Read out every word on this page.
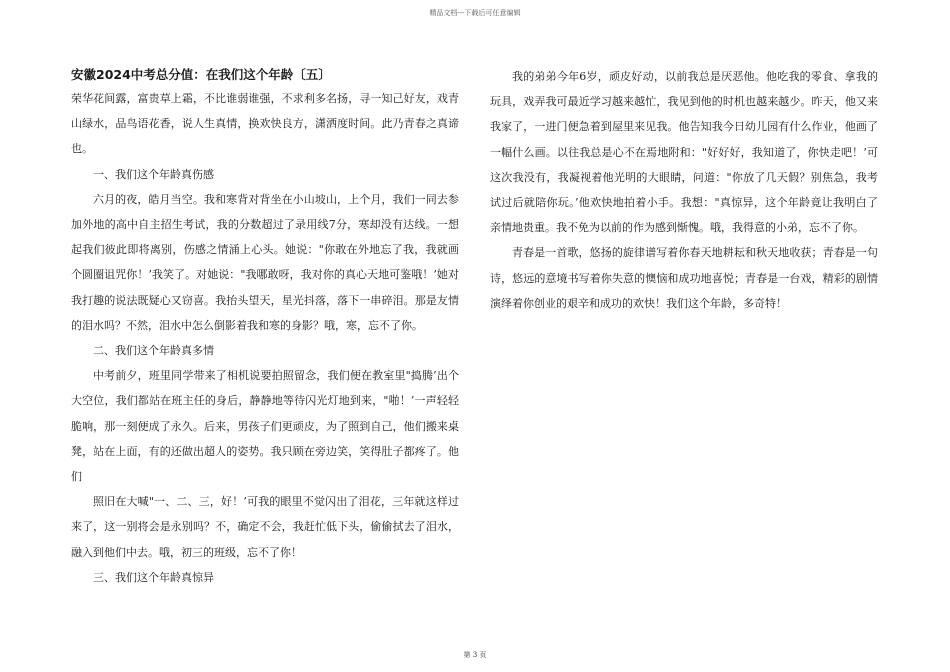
精品文档---下载后可任意编辑

安徽2024中考总分值：在我们这个年龄〔五〕

荣华花间露，富贵草上霜，不比谁弱谁强，不求利多名扬，寻一知己好友，戏青山绿水，品鸟语花香，说人生真情，换欢快良方，潇洒度时间。此乃青春之真谛也。

一、我们这个年龄真伤感

六月的夜，皓月当空。我和寒背对背坐在小山坡山，上个月，我们一同去参加外地的高中自主招生考试，我的分数超过了录用线7分，寒却没有达线。一想起我们彼此即将离别，伤感之情涌上心头。她说："你敢在外地忘了我，我就画个圆圈诅咒你！’我笑了。对她说："我哪敢呀，我对你的真心天地可鉴哦！’她对我打趣的说法既疑心又窃喜。我抬头望天，星光抖落，落下一串碎泪。那是友情的泪水吗？不然，泪水中怎么倒影着我和寒的身影？哦，寒，忘不了你。

二、我们这个年龄真多情

中考前夕，班里同学带来了相机说要拍照留念，我们便在教室里"捣腾’出个大空位，我们都站在班主任的身后，静静地等待闪光灯地到来，"啪！’一声轻轻脆响，那一刻便成了永久。后来，男孩子们更顽皮，为了照到自己，他们搬来桌凳，站在上面，有的还做出超人的姿势。我只顾在旁边笑，笑得肚子都疼了。他们

照旧在大喊"一、二、三，好！’可我的眼里不觉闪出了泪花，三年就这样过来了，这一别将会是永别吗？不，确定不会，我赶忙低下头，偷偷拭去了泪水，融入到他们中去。哦，初三的班级，忘不了你！

三、我们这个年龄真惊异

我的弟弟今年6岁，顽皮好动，以前我总是厌恶他。他吃我的零食、拿我的玩具，戏弄我可最近学习越来越忙，我见到他的时机也越来越少。昨天，他又来我家了，一进门便急着到屋里来见我。他告知我今日幼儿园有什么作业，他画了一幅什么画。以往我总是心不在焉地附和："好好好，我知道了，你快走吧！’可这次我没有，我凝视着他光明的大眼睛，问道："你放了几天假？别焦急，我考试过后就陪你玩。’他欢快地拍着小手。我想："真惊异，这个年龄竟让我明白了亲情地贵重。我不免为以前的作为感到惭愧。哦，我得意的小弟，忘不了你。

青春是一首歌，悠扬的旋律谱写着你春天地耕耘和秋天地收获；青春是一句诗，悠远的意境书写着你失意的懊恼和成功地喜悦；青春是一台戏，精彩的剧情演绎着你创业的艰辛和成功的欢快！我们这个年龄，多奇特！

第 3 页
